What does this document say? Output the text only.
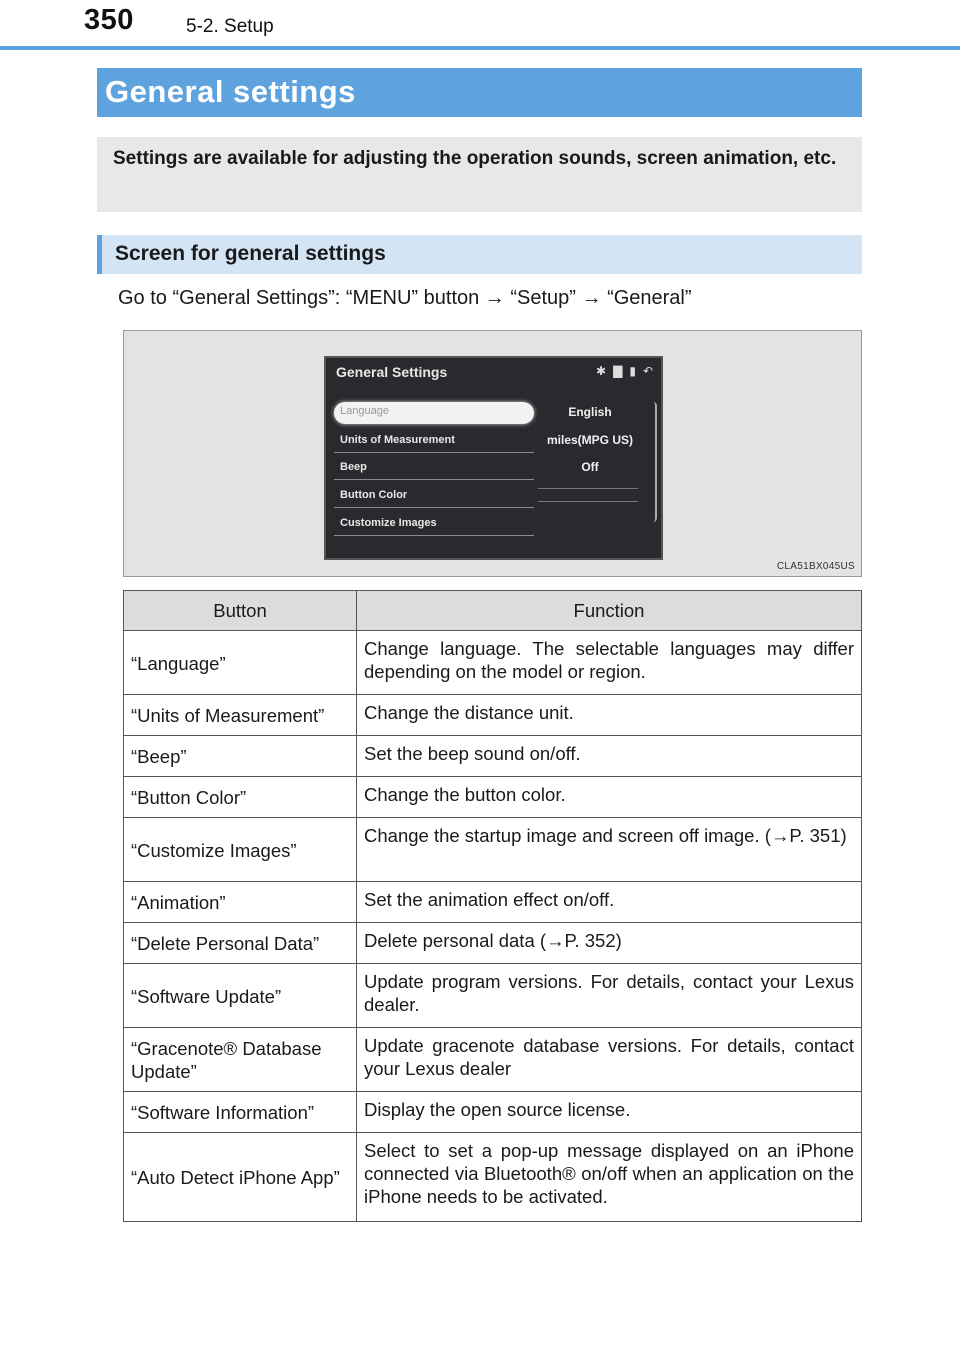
350	5-2. Setup
General settings
Settings are available for adjusting the operation sounds, screen animation, etc.
Screen for general settings
Go to “General Settings”: “MENU” button → “Setup” → “General”
General Settings	✱ ▇ ▮ ↶
Language	English
Units of Measurement	miles(MPG US)
Beep	Off
Button Color
Customize Images
CLA51BX045US
Button	Function
“Language”	Change language. The selectable languages may differ depending on the model or region.
“Units of Measurement”	Change the distance unit.
“Beep”	Set the beep sound on/off.
“Button Color”	Change the button color.
“Customize Images”	Change the startup image and screen off image. (→P. 351)
“Animation”	Set the animation effect on/off.
“Delete Personal Data”	Delete personal data (→P. 352)
“Software Update”	Update program versions. For details, contact your Lexus dealer.
“Gracenote® Database Update”	Update gracenote database versions. For details, contact your Lexus dealer
“Software Information”	Display the open source license.
“Auto Detect iPhone App”	Select to set a pop-up message displayed on an iPhone connected via Bluetooth® on/off when an application on the iPhone needs to be activated.
